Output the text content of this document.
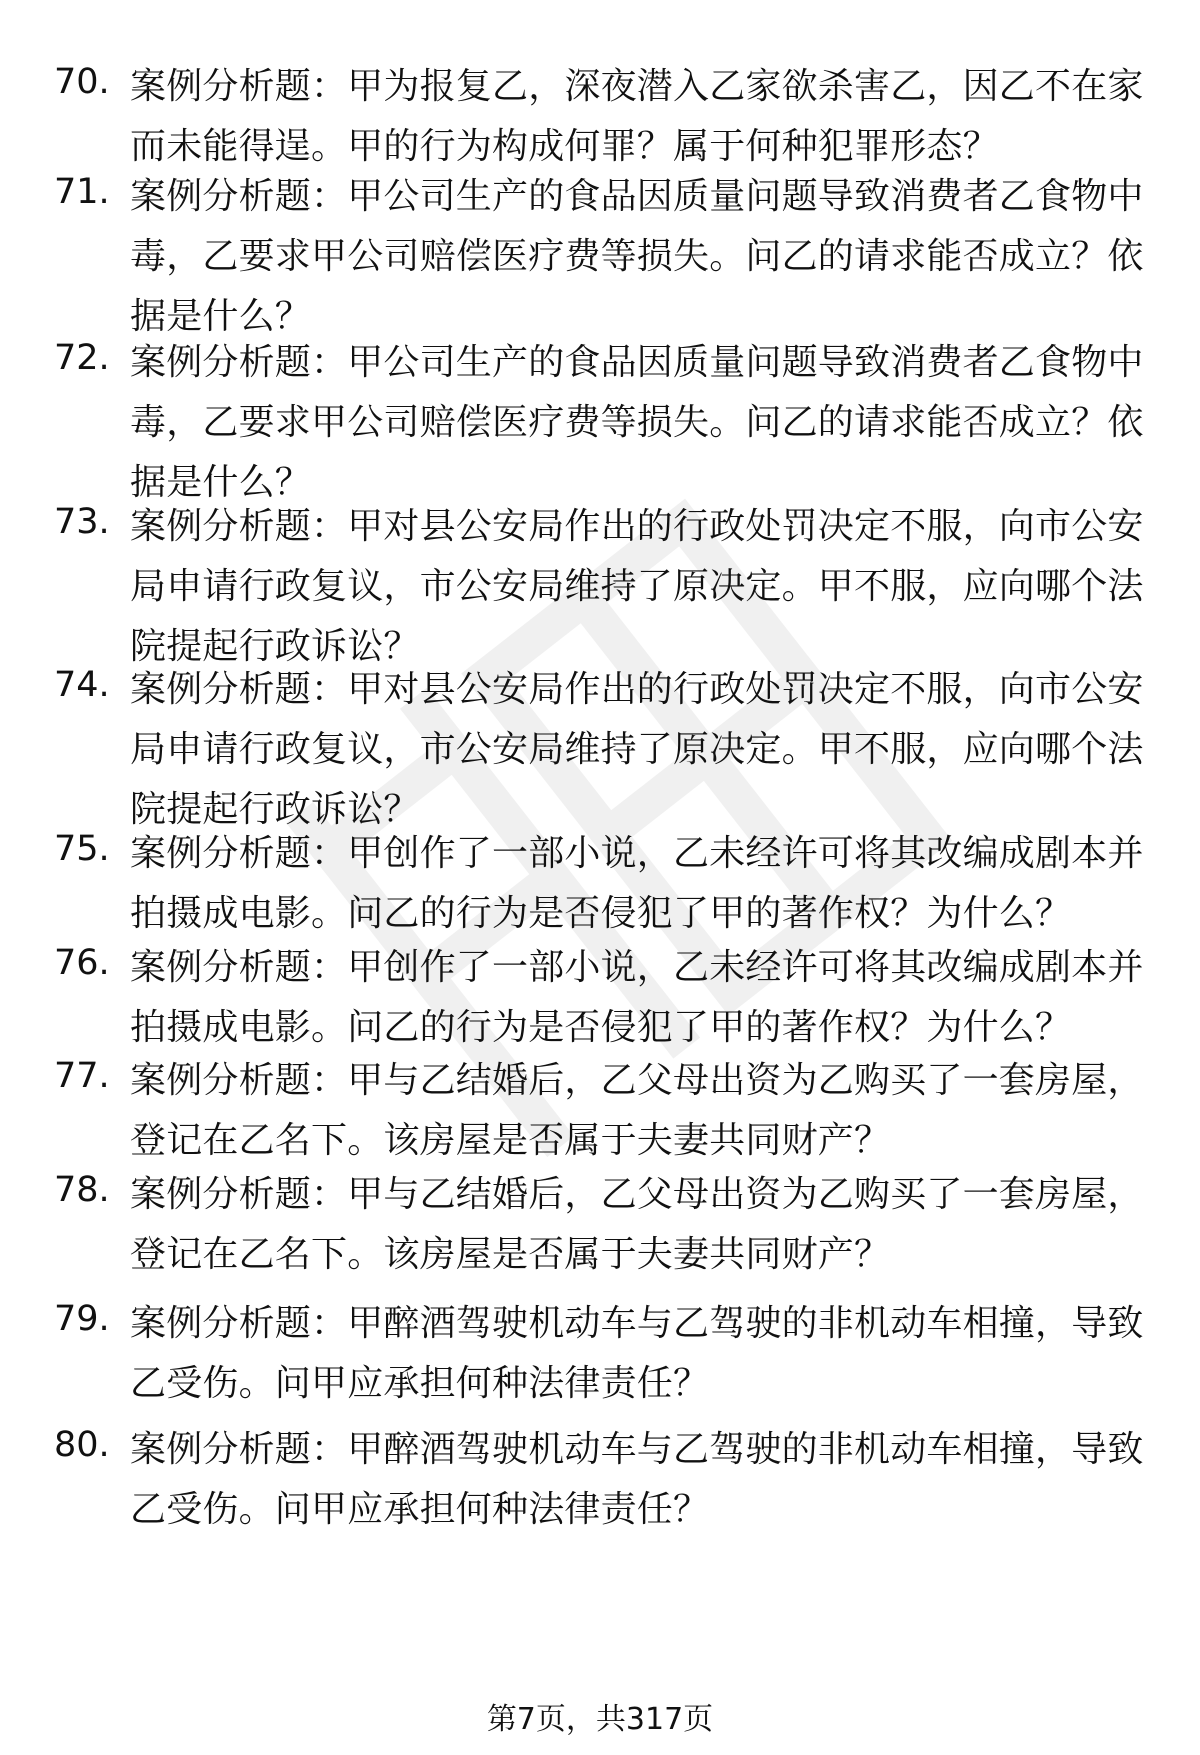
70. 案例分析题：甲为报复乙，深夜潜入乙家欲杀害乙，因乙不在家
而未能得逞。甲的行为构成何罪？属于何种犯罪形态？
71. 案例分析题：甲公司生产的食品因质量问题导致消费者乙食物中
毒，乙要求甲公司赔偿医疗费等损失。问乙的请求能否成立？依
据是什么？
72. 案例分析题：甲公司生产的食品因质量问题导致消费者乙食物中
毒，乙要求甲公司赔偿医疗费等损失。问乙的请求能否成立？依
据是什么？
73. 案例分析题：甲对县公安局作出的行政处罚决定不服，向市公安
局申请行政复议，市公安局维持了原决定。甲不服，应向哪个法
院提起行政诉讼？
74. 案例分析题：甲对县公安局作出的行政处罚决定不服，向市公安
局申请行政复议，市公安局维持了原决定。甲不服，应向哪个法
院提起行政诉讼？
75. 案例分析题：甲创作了一部小说，乙未经许可将其改编成剧本并
拍摄成电影。问乙的行为是否侵犯了甲的著作权？为什么？
76. 案例分析题：甲创作了一部小说，乙未经许可将其改编成剧本并
拍摄成电影。问乙的行为是否侵犯了甲的著作权？为什么？
77. 案例分析题：甲与乙结婚后，乙父母出资为乙购买了一套房屋，
登记在乙名下。该房屋是否属于夫妻共同财产？
78. 案例分析题：甲与乙结婚后，乙父母出资为乙购买了一套房屋，
登记在乙名下。该房屋是否属于夫妻共同财产？
79. 案例分析题：甲醉酒驾驶机动车与乙驾驶的非机动车相撞，导致
乙受伤。问甲应承担何种法律责任？
80. 案例分析题：甲醉酒驾驶机动车与乙驾驶的非机动车相撞，导致
乙受伤。问甲应承担何种法律责任？
第7页，共317页
